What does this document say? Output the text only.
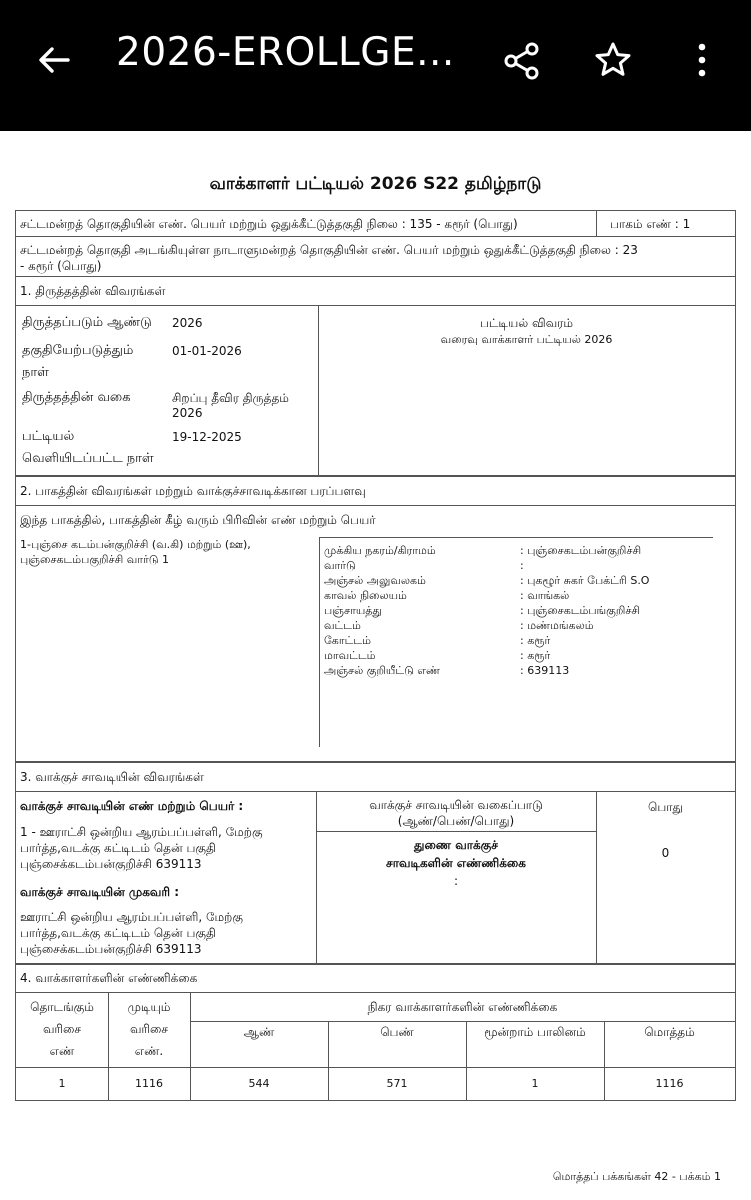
2026-EROLLGE...
வாக்காளர் பட்டியல் 2026 S22 தமிழ்நாடு
சட்டமன்றத் தொகுதியின் எண். பெயர் மற்றும் ஒதுக்கீட்டுத்தகுதி நிலை : 135 - கரூர் (பொது)	பாகம் எண் : 1
சட்டமன்றத் தொகுதி அடங்கியுள்ள நாடாளுமன்றத் தொகுதியின் எண். பெயர் மற்றும் ஒதுக்கீட்டுத்தகுதி நிலை : 23
- கரூர் (பொது)
1. திருத்தத்தின் விவரங்கள்
திருத்தப்படும் ஆண்டு 2026
தகுதியேற்படுத்தும்
நாள்
01-01-2026
திருத்தத்தின் வகை	சிறப்பு தீவிர திருத்தம்
2026
பட்டியல்
வெளியிடப்பட்ட நாள்
19-12-2025
பட்டியல் விவரம்
வரைவு வாக்காளர் பட்டியல் 2026
2. பாகத்தின் விவரங்கள் மற்றும் வாக்குச்சாவடிக்கான பரப்பளவு
இந்த பாகத்தில், பாகத்தின் கீழ் வரும் பிரிவின் எண் மற்றும் பெயர்
1-புஞ்சை கடம்பன்குறிச்சி (வ.கி) மற்றும் (ஊ),
புஞ்சைகடம்பகுறிச்சி வார்டு 1
முக்கிய நகரம்/கிராமம்	: புஞ்சைகடம்பன்குறிச்சி
வார்டு	:
அஞ்சல் அலுவலகம்	: புகழூர் சுகர் பேக்ட்ரி S.O
காவல் நிலையம்	: வாங்கல்
பஞ்சாயத்து	: புஞ்சைகடம்பங்குறிச்சி
வட்டம்	: மண்மங்கலம்
கோட்டம்	: கரூர்
மாவட்டம்	: கரூர்
அஞ்சல் குறியீட்டு எண்	: 639113
3. வாக்குச் சாவடியின் விவரங்கள்
வாக்குச் சாவடியின் எண் மற்றும் பெயர் :
1 - ஊராட்சி ஒன்றிய ஆரம்பப்பள்ளி, மேற்கு
பார்த்த,வடக்கு கட்டிடம் தென் பகுதி
புஞ்சைக்கடம்பன்குறிச்சி 639113
வாக்குச் சாவடியின் முகவரி :
ஊராட்சி ஒன்றிய ஆரம்பப்பள்ளி, மேற்கு
பார்த்த,வடக்கு கட்டிடம் தென் பகுதி
புஞ்சைக்கடம்பன்குறிச்சி 639113
வாக்குச் சாவடியின் வகைப்பாடு
(ஆண்/பெண்/பொது)
பொது
துணை வாக்குச்
சாவடிகளின் எண்ணிக்கை
:
0
4. வாக்காளர்களின் எண்ணிக்கை
தொடங்கும்
வரிசை
எண்
முடியும்
வரிசை
எண்.
நிகர வாக்காளர்களின் எண்ணிக்கை
ஆண்	பெண்	மூன்றாம் பாலினம்	மொத்தம்
1	1116	544	571	1	1116
மொத்தப் பக்கங்கள் 42 - பக்கம் 1
